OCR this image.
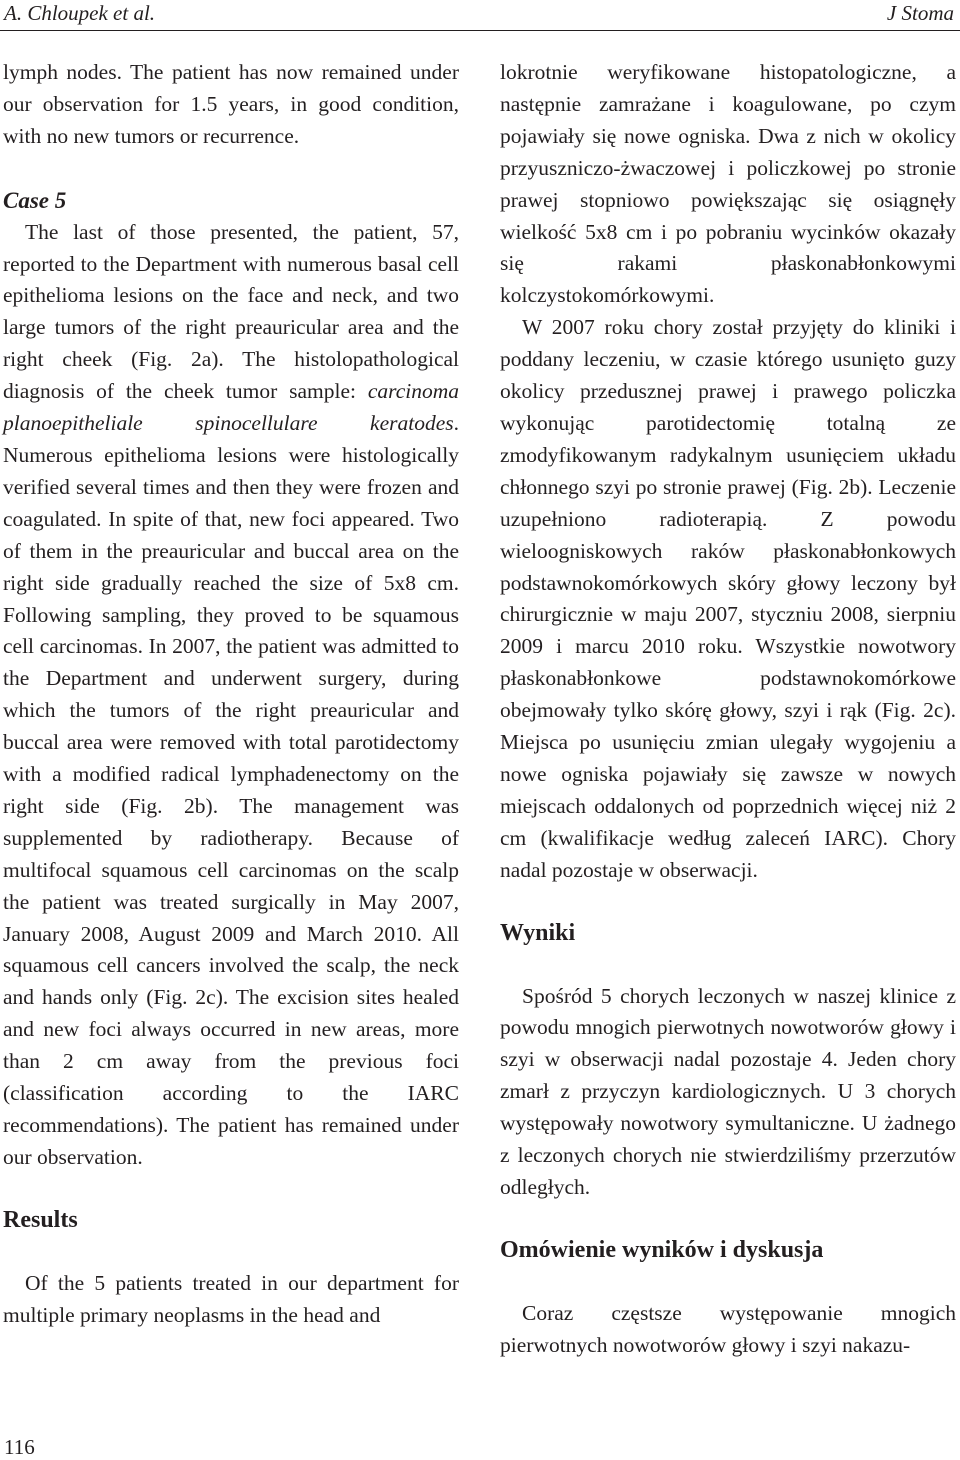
A. Chloupek et al.	J Stoma

lymph nodes. The patient has now remained under our observation for 1.5 years, in good condition, with no new tumors or recurrence.

Case 5

The last of those presented, the patient, 57, reported to the Department with numerous basal cell epithelioma lesions on the face and neck, and two large tumors of the right preauricular area and the right cheek (Fig. 2a). The histolopathological diagnosis of the cheek tumor sample: carcinoma planoepitheliale spinocellulare keratodes. Numerous epithelioma lesions were histologically verified several times and then they were frozen and coagulated. In spite of that, new foci appeared. Two of them in the preauricular and buccal area on the right side gradually reached the size of 5x8 cm. Following sampling, they proved to be squamous cell carcinomas. In 2007, the patient was admitted to the Department and underwent surgery, during which the tumors of the right preauricular and buccal area were removed with total parotidectomy with a modified radical lymphadenectomy on the right side (Fig. 2b). The management was supplemented by radiotherapy. Because of multifocal squamous cell carcinomas on the scalp the patient was treated surgically in May 2007, January 2008, August 2009 and March 2010. All squamous cell cancers involved the scalp, the neck and hands only (Fig. 2c). The excision sites healed and new foci always occurred in new areas, more than 2 cm away from the previous foci (classification according to the IARC recommendations). The patient has remained under our observation.

Results

Of the 5 patients treated in our department for multiple primary neoplasms in the head and

lokrotnie weryfikowane histopatologiczne, a następnie zamrażane i koagulowane, po czym pojawiały się nowe ogniska. Dwa z nich w okolicy przyuszniczo-żwaczowej i policzkowej po stronie prawej stopniowo powiększając się osiągnęły wielkość 5x8 cm i po pobraniu wycinków okazały się rakami płaskonabłonkowymi kolczystokomórkowymi.

W 2007 roku chory został przyjęty do kliniki i poddany leczeniu, w czasie którego usunięto guzy okolicy przedusznej prawej i prawego policzka wykonując parotidectomię totalną ze zmodyfikowanym radykalnym usunięciem układu chłonnego szyi po stronie prawej (Fig. 2b). Leczenie uzupełniono radioterapią. Z powodu wieloogniskowych raków płaskonabłonkowych podstawnokomórkowych skóry głowy leczony był chirurgicznie w maju 2007, styczniu 2008, sierpniu 2009 i marcu 2010 roku. Wszystkie nowotwory płaskonabłonkowe podstawnokomórkowe obejmowały tylko skórę głowy, szyi i rąk (Fig. 2c). Miejsca po usunięciu zmian ulegały wygojeniu a nowe ogniska pojawiały się zawsze w nowych miejscach oddalonych od poprzednich więcej niż 2 cm (kwalifikacje według zaleceń IARC). Chory nadal pozostaje w obserwacji.

Wyniki

Spośród 5 chorych leczonych w naszej klinice z powodu mnogich pierwotnych nowotworów głowy i szyi w obserwacji nadal pozostaje 4. Jeden chory zmarł z przyczyn kardiologicznych. U 3 chorych występowały nowotwory symultaniczne. U żadnego z leczonych chorych nie stwierdziliśmy przerzutów odległych.

Omówienie wyników i dyskusja

Coraz częstsze występowanie mnogich pierwotnych nowotworów głowy i szyi nakazu-

116
